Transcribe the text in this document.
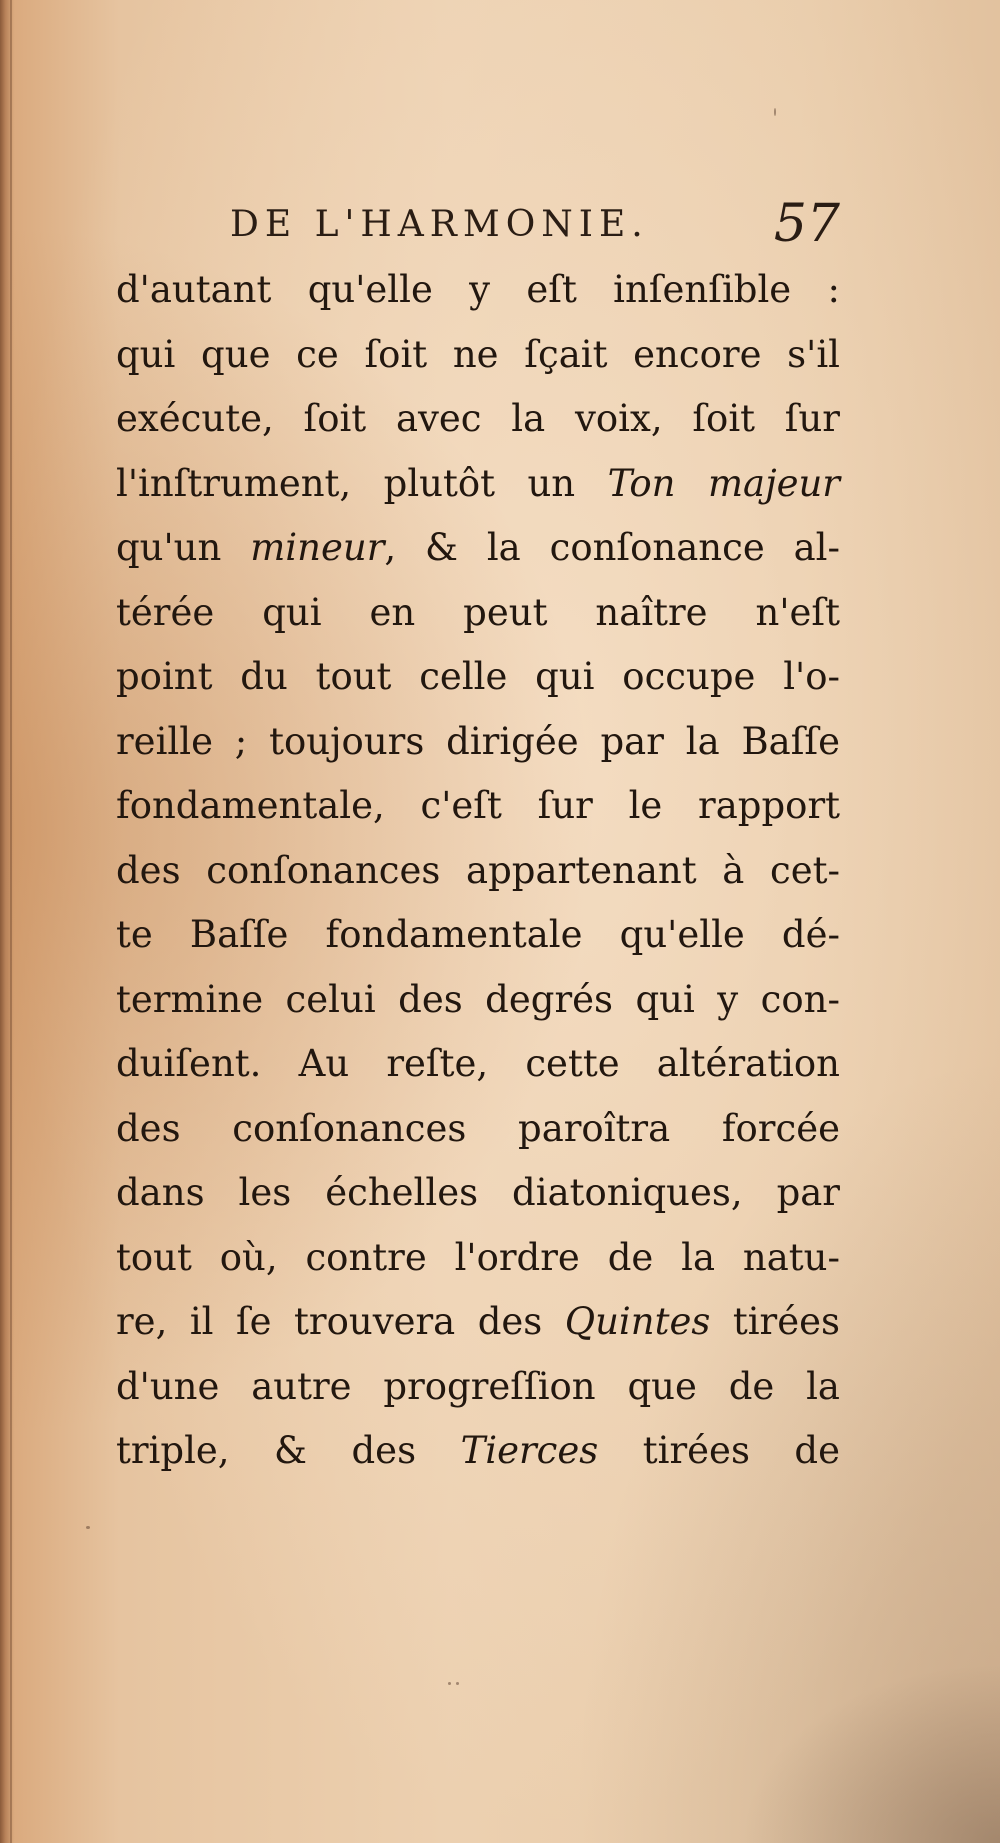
DE L'HARMONIE. 57
d'autant qu'elle y eſt inſenſible :
qui que ce ſoit ne ſçait encore s'il
exécute, ſoit avec la voix, ſoit ſur
l'inſtrument, plutôt un Ton majeur
qu'un mineur, & la conſonance al-
térée qui en peut naître n'eſt
point du tout celle qui occupe l'o-
reille ; toujours dirigée par la Baſſe
fondamentale, c'eſt ſur le rapport
des conſonances appartenant à cet-
te Baſſe fondamentale qu'elle dé-
termine celui des degrés qui y con-
duiſent. Au reſte, cette altération
des conſonances paroîtra forcée
dans les échelles diatoniques, par
tout où, contre l'ordre de la natu-
re, il ſe trouvera des Quintes tirées
d'une autre progreſſion que de la
triple, & des Tierces tirées de
